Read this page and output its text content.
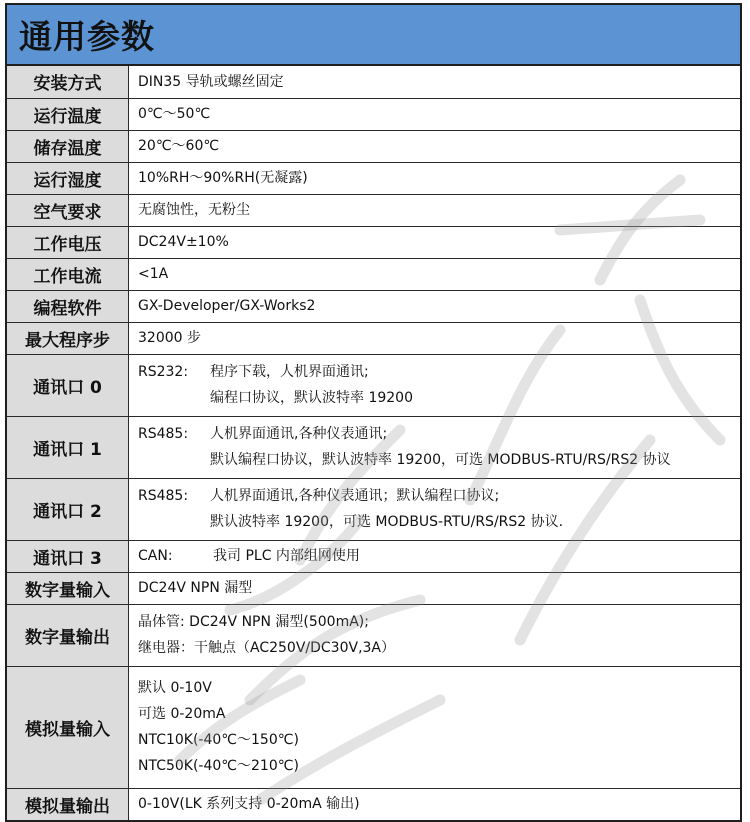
通用参数
安装方式	DIN35 导轨或螺丝固定

运行温度	0℃～50℃

储存温度	20℃～60℃

运行湿度	10%RH～90%RH(无凝露)

空气要求	无腐蚀性，无粉尘

工作电压	DC24V±10%

工作电流	<1A

编程软件	GX-Developer/GX-Works2

最大程序步	32000 步

通讯口 0	RS232: 程序下载，人机界面通讯;
编程口协议，默认波特率 19200

通讯口 1	RS485: 人机界面通讯,各种仪表通讯;
默认编程口协议，默认波特率 19200，可选 MODBUS-RTU/RS/RS2 协议

通讯口 2	RS485: 人机界面通讯,各种仪表通讯；默认编程口协议;
默认波特率 19200，可选 MODBUS-RTU/RS/RS2 协议.

通讯口 3	CAN: 我司 PLC 内部组网使用

数字量输入	DC24V NPN 漏型

数字量输出	晶体管: DC24V NPN 漏型(500mA);
继电器：干触点（AC250V/DC30V,3A）

模拟量输入	默认 0-10V
可选 0-20mA
NTC10K(-40℃～150℃)
NTC50K(-40℃～210℃)

模拟量输出	0-10V(LK 系列支持 0-20mA 输出)
